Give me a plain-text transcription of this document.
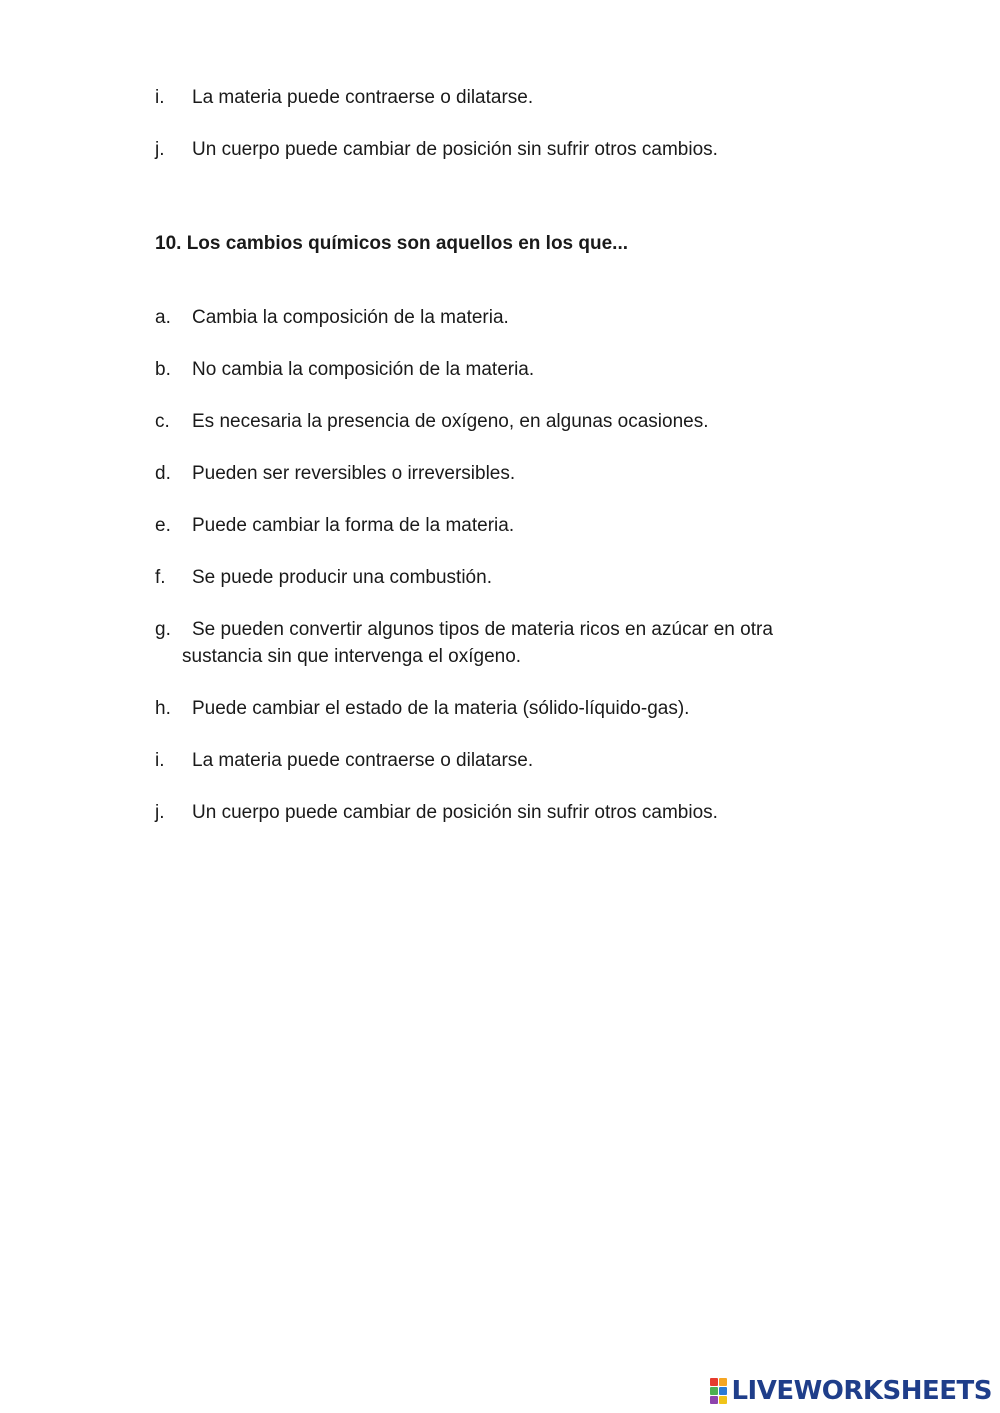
i. La materia puede contraerse o dilatarse.
j. Un cuerpo puede cambiar de posición sin sufrir otros cambios.
10. Los cambios químicos son aquellos en los que...
a. Cambia la composición de la materia.
b. No cambia la composición de la materia.
c. Es necesaria la presencia de oxígeno, en algunas ocasiones.
d. Pueden ser reversibles o irreversibles.
e. Puede cambiar la forma de la materia.
f. Se puede producir una combustión.
g. Se pueden convertir algunos tipos de materia ricos en azúcar en otra
sustancia sin que intervenga el oxígeno.
h. Puede cambiar el estado de la materia (sólido-líquido-gas).
i. La materia puede contraerse o dilatarse.
j. Un cuerpo puede cambiar de posición sin sufrir otros cambios.
LIVEWORKSHEETS
